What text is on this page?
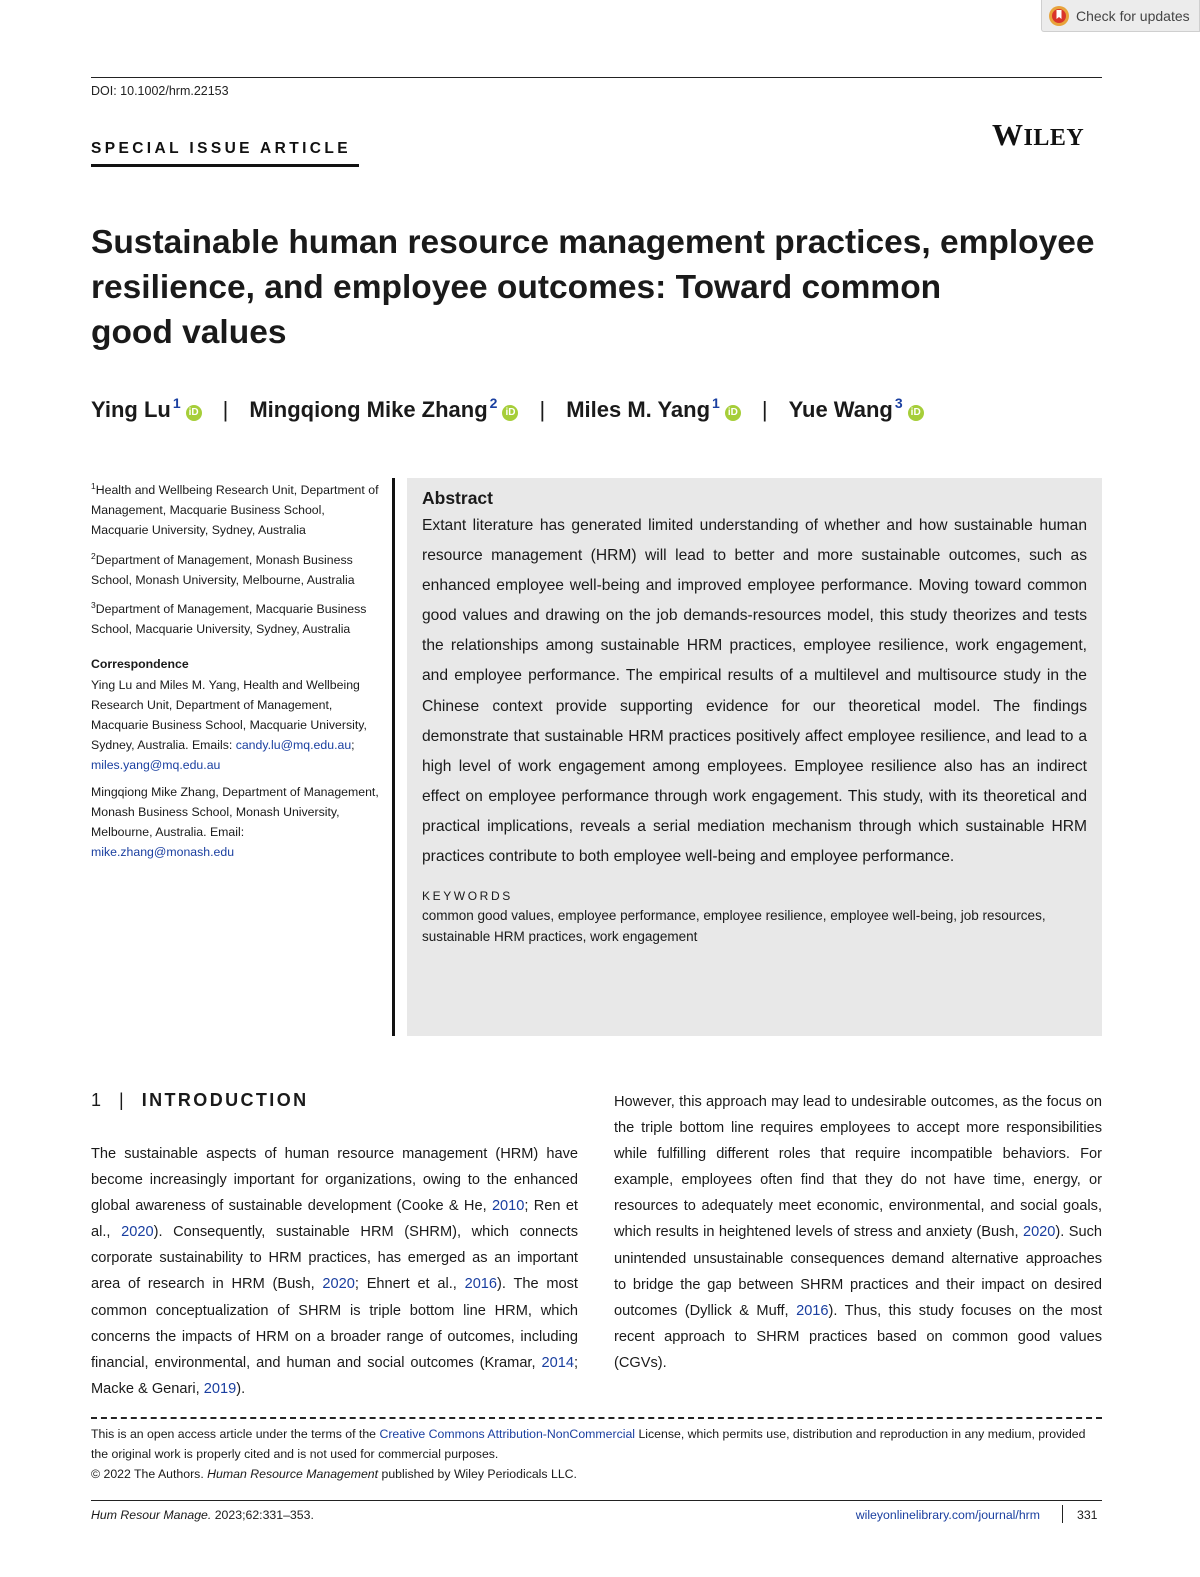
Check for updates
DOI: 10.1002/hrm.22153
SPECIAL ISSUE ARTICLE	WILEY
Sustainable human resource management practices, employee
resilience, and employee outcomes: Toward common
good values
Ying Lu $^1$iD | Mingqiong Mike Zhang $^2$iD | Miles M. Yang $^1$iD | Yue Wang $^3$iD
$^1$Health and Wellbeing Research Unit, Department of Management, Macquarie Business School, Macquarie University, Sydney, Australia
$^2$Department of Management, Monash Business School, Monash University, Melbourne, Australia
$^3$Department of Management, Macquarie Business School, Macquarie University, Sydney, Australia
Correspondence
Ying Lu and Miles M. Yang, Health and Wellbeing Research Unit, Department of Management, Macquarie Business School, Macquarie University, Sydney, Australia. Emails: candy.lu@mq.edu.au; miles.yang@mq.edu.au
Mingqiong Mike Zhang, Department of Management, Monash Business School, Monash University, Melbourne, Australia. Email: mike.zhang@monash.edu
Abstract

Extant literature has generated limited understanding of whether and how sustainable human resource management (HRM) will lead to better and more sustainable outcomes, such as enhanced employee well-being and improved employee performance. Moving toward common good values and drawing on the job demands-resources model, this study theorizes and tests the relationships among sustainable HRM practices, employee resilience, work engagement, and employee performance. The empirical results of a multilevel and multisource study in the Chinese context provide supporting evidence for our theoretical model. The findings demonstrate that sustainable HRM practices positively affect employee resilience, and lead to a high level of work engagement among employees. Employee resilience also has an indirect effect on employee performance through work engagement. This study, with its theoretical and practical implications, reveals a serial mediation mechanism through which sustainable HRM practices contribute to both employee well-being and employee performance.

KEYWORDS
common good values, employee performance, employee resilience, employee well-being, job resources, sustainable HRM practices, work engagement
1 | INTRODUCTION

The sustainable aspects of human resource management (HRM) have become increasingly important for organizations, owing to the enhanced global awareness of sustainable development (Cooke & He, 2010; Ren et al., 2020). Consequently, sustainable HRM (SHRM), which connects corporate sustainability to HRM practices, has emerged as an important area of research in HRM (Bush, 2020; Ehnert et al., 2016). The most common conceptualization of SHRM is triple bottom line HRM, which concerns the impacts of HRM on a broader range of outcomes, including financial, environmental, and human and social outcomes (Kramar, 2014; Macke & Genari, 2019).

However, this approach may lead to undesirable outcomes, as the focus on the triple bottom line requires employees to accept more responsibilities while fulfilling different roles that require incompatible behaviors. For example, employees often find that they do not have time, energy, or resources to adequately meet economic, environmental, and social goals, which results in heightened levels of stress and anxiety (Bush, 2020). Such unintended unsustainable consequences demand alternative approaches to bridge the gap between SHRM practices and their impact on desired outcomes (Dyllick & Muff, 2016). Thus, this study focuses on the most recent approach to SHRM practices based on common good values (CGVs).

This is an open access article under the terms of the Creative Commons Attribution-NonCommercial License, which permits use, distribution and reproduction in any medium, provided the original work is properly cited and is not used for commercial purposes.

© 2022 The Authors. Human Resource Management published by Wiley Periodicals LLC.

Hum Resour Manage. 2023;62:331–353.	wileyonlinelibrary.com/journal/hrm	331
